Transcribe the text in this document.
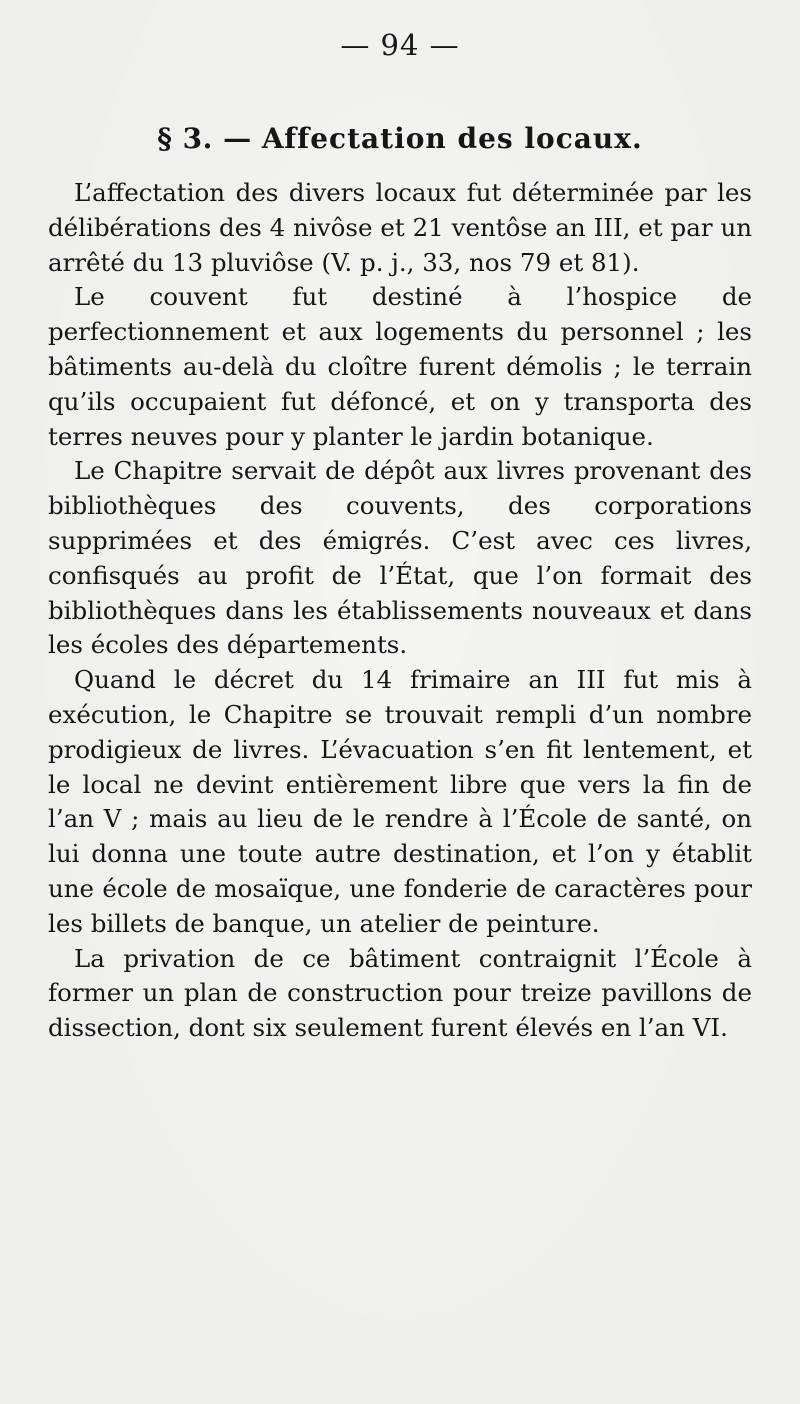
— 94 —
§ 3. — Affectation des locaux.

L’affectation des divers locaux fut déterminée par les délibérations des 4 nivôse et 21 ventôse an III, et par un arrêté du 13 pluviôse (V. p. j., 33, nos 79 et 81).

Le couvent fut destiné à l’hospice de perfectionnement et aux logements du personnel ; les bâtiments au-delà du cloître furent démolis ; le terrain qu’ils occupaient fut défoncé, et on y transporta des terres neuves pour y planter le jardin botanique.

Le Chapitre servait de dépôt aux livres provenant des bibliothèques des couvents, des corporations supprimées et des émigrés. C’est avec ces livres, confisqués au profit de l’État, que l’on formait des bibliothèques dans les établissements nouveaux et dans les écoles des départements.

Quand le décret du 14 frimaire an III fut mis à exécution, le Chapitre se trouvait rempli d’un nombre prodigieux de livres. L’évacuation s’en fit lentement, et le local ne devint entièrement libre que vers la fin de l’an V ; mais au lieu de le rendre à l’École de santé, on lui donna une toute autre destination, et l’on y établit une école de mosaïque, une fonderie de caractères pour les billets de banque, un atelier de peinture.

La privation de ce bâtiment contraignit l’École à former un plan de construction pour treize pavillons de dissection, dont six seulement furent élevés en l’an VI.
